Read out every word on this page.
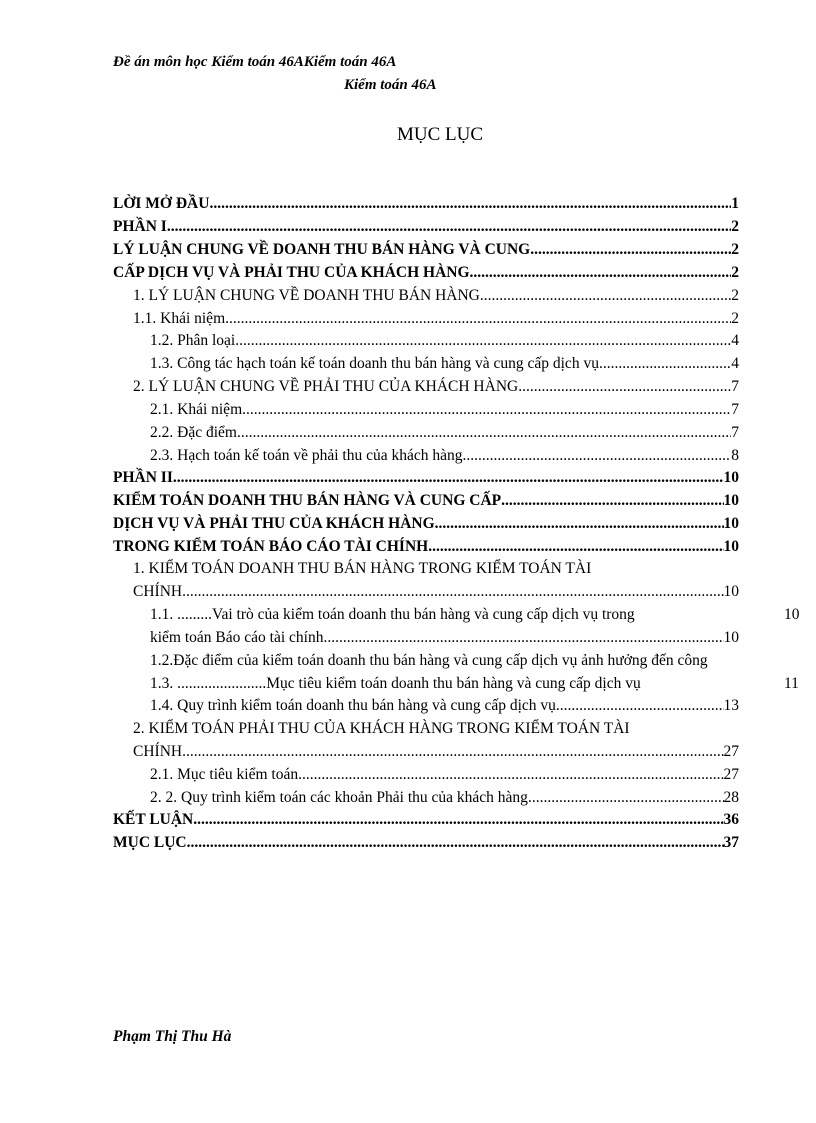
Đề án môn học Kiểm toán 46AKiểm toán 46A
Kiểm toán 46A
MỤC LỤC
LỜI MỞ ĐẦU .....	1
PHẦN I .....	2
LÝ LUẬN CHUNG VỀ DOANH THU BÁN HÀNG VÀ CUNG .....	2
CẤP DỊCH VỤ VÀ PHẢI THU CỦA KHÁCH HÀNG .....	2
1. LÝ LUẬN CHUNG VỀ DOANH THU BÁN HÀNG .....	2
1.1. Khái niệm .....	2
1.2. Phân loại .....	4
1.3. Công tác hạch toán kế toán doanh thu bán hàng và cung cấp dịch vụ .....	4
2. LÝ LUẬN CHUNG VỀ PHẢI THU CỦA KHÁCH HÀNG .....	7
2.1. Khái niệm .....	7
2.2. Đặc điểm .....	7
2.3. Hạch toán kế toán về phải thu của khách hàng .....	8
PHẦN II .....	10
KIỂM TOÁN DOANH THU BÁN HÀNG VÀ CUNG CẤP .....	10
DỊCH VỤ VÀ PHẢI THU CỦA KHÁCH HÀNG .....	10
TRONG KIỂM TOÁN BÁO CÁO TÀI CHÍNH .....	10
1. KIỂM TOÁN DOANH THU BÁN HÀNG TRONG KIỂM TOÁN TÀI
CHÍNH .....	10
1.1. .........Vai trò của kiểm toán doanh thu bán hàng và cung cấp dịch vụ trong	10
kiểm toán Báo cáo tài chính .....	10
1.2.Đặc điểm của kiểm toán doanh thu bán hàng và cung cấp dịch vụ ảnh hưởng đến công
1.3. .......................Mục tiêu kiểm toán doanh thu bán hàng và cung cấp dịch vụ	11
1.4. Quy trình kiểm toán doanh thu bán hàng và cung cấp dịch vụ .....	13
2. KIỂM TOÁN PHẢI THU CỦA KHÁCH HÀNG TRONG KIỂM TOÁN TÀI
CHÍNH .....	27
2.1. Mục tiêu kiểm toán .....	27
2. 2. Quy trình kiểm toán các khoản Phải thu của khách hàng .....	28
KẾT LUẬN .....	36
MỤC LỤC .....	37
Phạm Thị Thu Hà
